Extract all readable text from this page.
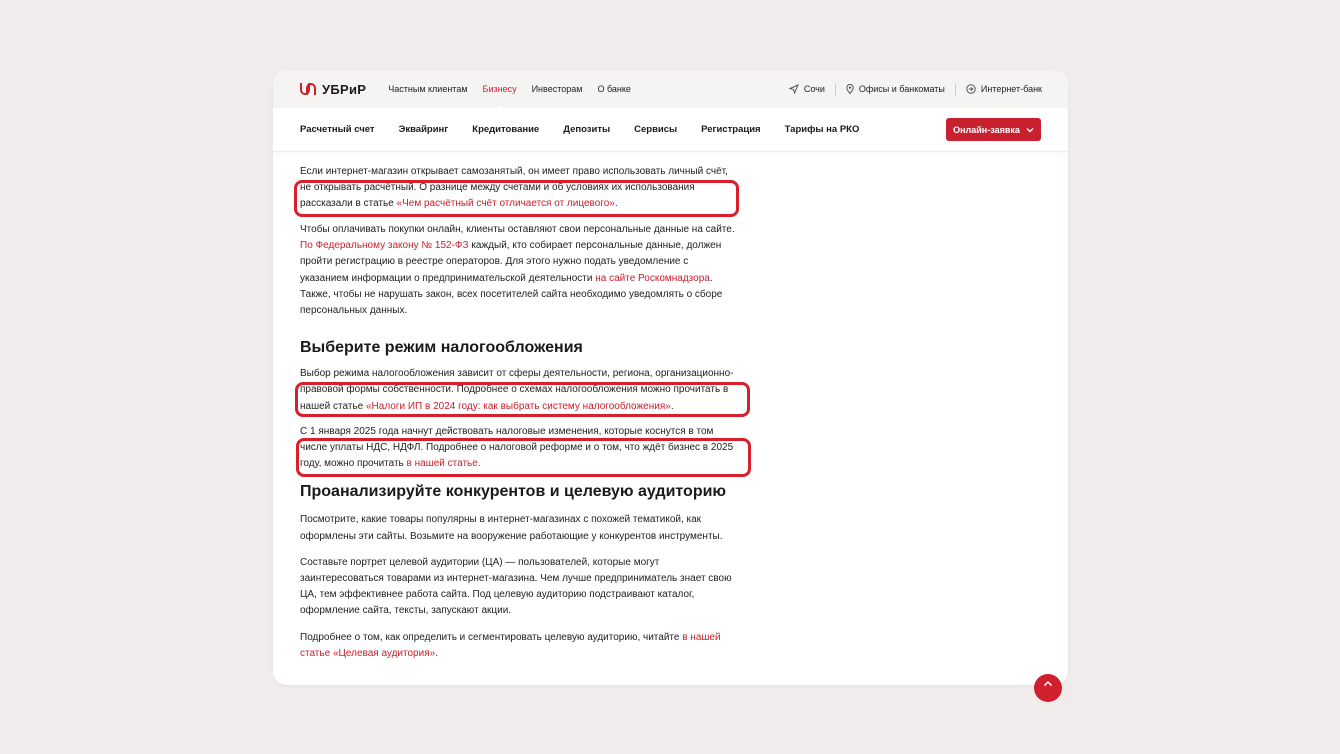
УБРиР Частным клиентам Бизнесу Инвесторам О банке	Сочи	Офисы и банкоматы	Интернет-банк
Расчетный счет	Эквайринг	Кредитование	Депозиты	Сервисы	Регистрация	Тарифы на РКО	Онлайн-заявка
Если интернет-магазин открывает самозанятый, он имеет право использовать личный счёт,
не открывать расчётный. О разнице между счетами и об условиях их использования
рассказали в статье «Чем расчётный счёт отличается от лицевого».
Чтобы оплачивать покупки онлайн, клиенты оставляют свои персональные данные на сайте.
По Федеральному закону № 152-ФЗ каждый, кто собирает персональные данные, должен
пройти регистрацию в реестре операторов. Для этого нужно подать уведомление с
указанием информации о предпринимательской деятельности на сайте Роскомнадзора.
Также, чтобы не нарушать закон, всех посетителей сайта необходимо уведомлять о сборе
персональных данных.
Выберите режим налогообложения
Выбор режима налогообложения зависит от сферы деятельности, региона, организационно-
правовой формы собственности. Подробнее о схемах налогообложения можно прочитать в
нашей статье «Налоги ИП в 2024 году: как выбрать систему налогообложения».
С 1 января 2025 года начнут действовать налоговые изменения, которые коснутся в том
числе уплаты НДС, НДФЛ. Подробнее о налоговой реформе и о том, что ждёт бизнес в 2025
году, можно прочитать в нашей статье.
Проанализируйте конкурентов и целевую аудиторию
Посмотрите, какие товары популярны в интернет-магазинах с похожей тематикой, как
оформлены эти сайты. Возьмите на вооружение работающие у конкурентов инструменты.
Составьте портрет целевой аудитории (ЦА) — пользователей, которые могут
заинтересоваться товарами из интернет-магазина. Чем лучше предприниматель знает свою
ЦА, тем эффективнее работа сайта. Под целевую аудиторию подстраивают каталог,
оформление сайта, тексты, запускают акции.
Подробнее о том, как определить и сегментировать целевую аудиторию, читайте в нашей
статье «Целевая аудитория».
